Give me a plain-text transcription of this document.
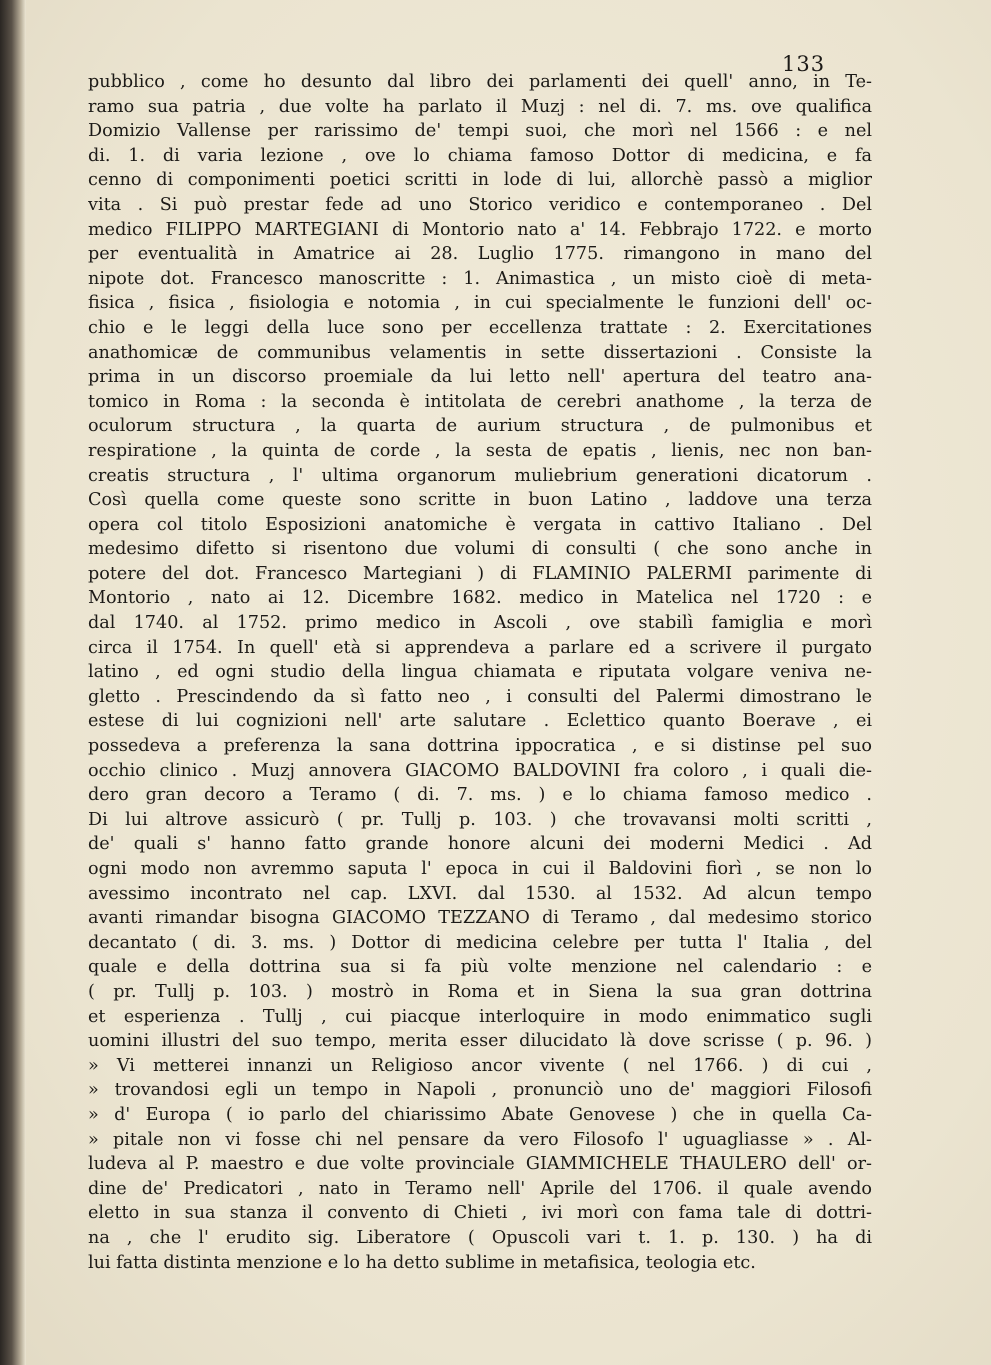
133
pubblico , come ho desunto dal libro dei parlamenti dei quell' anno, in Te-
ramo sua patria , due volte ha parlato il Muzj : nel di. 7. ms. ove qualifica
Domizio Vallense per rarissimo de' tempi suoi, che morì nel 1566 : e nel
di. 1. di varia lezione , ove lo chiama famoso Dottor di medicina, e fa
cenno di componimenti poetici scritti in lode di lui, allorchè passò a miglior
vita . Si può prestar fede ad uno Storico veridico e contemporaneo . Del
medico FILIPPO MARTEGIANI di Montorio nato a' 14. Febbrajo 1722. e morto
per eventualità in Amatrice ai 28. Luglio 1775. rimangono in mano del
nipote dot. Francesco manoscritte : 1. Animastica , un misto cioè di meta-
fisica , fisica , fisiologia e notomia , in cui specialmente le funzioni dell' oc-
chio e le leggi della luce sono per eccellenza trattate : 2. Exercitationes
anathomicæ de communibus velamentis in sette dissertazioni . Consiste la
prima in un discorso proemiale da lui letto nell' apertura del teatro ana-
tomico in Roma : la seconda è intitolata de cerebri anathome , la terza de
oculorum structura , la quarta de aurium structura , de pulmonibus et
respiratione , la quinta de corde , la sesta de epatis , lienis, nec non ban-
creatis structura , l' ultima organorum muliebrium generationi dicatorum .
Così quella come queste sono scritte in buon Latino , laddove una terza
opera col titolo Esposizioni anatomiche è vergata in cattivo Italiano . Del
medesimo difetto si risentono due volumi di consulti ( che sono anche in
potere del dot. Francesco Martegiani ) di FLAMINIO PALERMI parimente di
Montorio , nato ai 12. Dicembre 1682. medico in Matelica nel 1720 : e
dal 1740. al 1752. primo medico in Ascoli , ove stabilì famiglia e morì
circa il 1754. In quell' età si apprendeva a parlare ed a scrivere il purgato
latino , ed ogni studio della lingua chiamata e riputata volgare veniva ne-
gletto . Prescindendo da sì fatto neo , i consulti del Palermi dimostrano le
estese di lui cognizioni nell' arte salutare . Eclettico quanto Boerave , ei
possedeva a preferenza la sana dottrina ippocratica , e si distinse pel suo
occhio clinico . Muzj annovera GIACOMO BALDOVINI fra coloro , i quali die-
dero gran decoro a Teramo ( di. 7. ms. ) e lo chiama famoso medico .
Di lui altrove assicurò ( pr. Tullj p. 103. ) che trovavansi molti scritti ,
de' quali s' hanno fatto grande honore alcuni dei moderni Medici . Ad
ogni modo non avremmo saputa l' epoca in cui il Baldovini fiorì , se non lo
avessimo incontrato nel cap. LXVI. dal 1530. al 1532. Ad alcun tempo
avanti rimandar bisogna GIACOMO TEZZANO di Teramo , dal medesimo storico
decantato ( di. 3. ms. ) Dottor di medicina celebre per tutta l' Italia , del
quale e della dottrina sua si fa più volte menzione nel calendario : e
( pr. Tullj p. 103. ) mostrò in Roma et in Siena la sua gran dottrina
et esperienza . Tullj , cui piacque interloquire in modo enimmatico sugli
uomini illustri del suo tempo, merita esser dilucidato là dove scrisse ( p. 96. )
» Vi metterei innanzi un Religioso ancor vivente ( nel 1766. ) di cui ,
» trovandosi egli un tempo in Napoli , pronunciò uno de' maggiori Filosofi
» d' Europa ( io parlo del chiarissimo Abate Genovese ) che in quella Ca-
» pitale non vi fosse chi nel pensare da vero Filosofo l' uguagliasse » . Al-
ludeva al P. maestro e due volte provinciale GIAMMICHELE THAULERO dell' or-
dine de' Predicatori , nato in Teramo nell' Aprile del 1706. il quale avendo
eletto in sua stanza il convento di Chieti , ivi morì con fama tale di dottri-
na , che l' erudito sig. Liberatore ( Opuscoli vari t. 1. p. 130. ) ha di
lui fatta distinta menzione e lo ha detto sublime in metafisica, teologia etc.
